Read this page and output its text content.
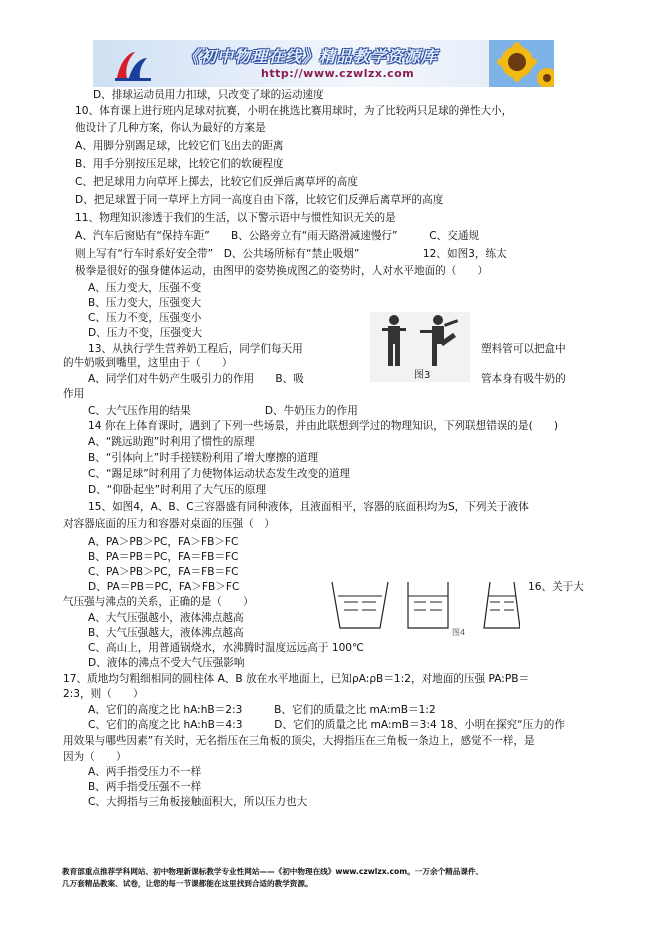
《初中物理在线》精品教学资源库
http://www.czwlzx.com
D、排球运动员用力扣球，只改变了球的运动速度
10、体育课上进行班内足球对抗赛，小明在挑选比赛用球时，为了比较两只足球的弹性大小，
他设计了几种方案，你认为最好的方案是
A、用脚分别踢足球，比较它们飞出去的距离
B、用手分别按压足球，比较它们的软硬程度
C、把足球用力向草坪上掷去，比较它们反弹后离草坪的高度
D、把足球置于同一草坪上方同一高度自由下落，比较它们反弹后离草坪的高度
11、物理知识渗透于我们的生活，以下警示语中与惯性知识无关的是
A、汽车后窗贴有“保持车距”　　B、公路旁立有“雨天路滑减速慢行”　　　C、交通规
则上写有“行车时系好安全带”　D、公共场所标有“禁止吸烟”　　　　　　12、如图3，练太
极拳是很好的强身健体运动，由图甲的姿势换成图乙的姿势时，人对水平地面的（　　）
A、压力变大，压强不变
B、压力变大，压强变大
C、压力不变，压强变小
D、压力不变，压强变大
13、从执行学生营养奶工程后，同学们每天用	塑料管可以把盒中
的牛奶吸到嘴里，这里由于（　　）
A、同学们对牛奶产生吸引力的作用　　B、吸	管本身有吸牛奶的
作用
C、大气压作用的结果　　　　　　　D、牛奶压力的作用
14 你在上体育课时，遇到了下列一些场景，并由此联想到学过的物理知识，下列联想错误的是(　　)
A、“跳远助跑”时利用了惯性的原理
B、“引体向上”时手搓镁粉利用了增大摩擦的道理
C、“踢足球”时利用了力使物体运动状态发生改变的道理
D、“仰卧起坐”时利用了大气压的原理
15、如图4，A、B、C三容器盛有同种液体，且液面相平，容器的底面积均为S，下列关于液体
对容器底面的压力和容器对桌面的压强（　）
A、PA＞PB＞PC，FA＞FB＞FC
B、PA＝PB＝PC，FA＝FB＝FC
C、PA＞PB＞PC，FA＝FB＝FC
D、PA＝PB＝PC，FA＞FB＞FC	16、关于大
气压强与沸点的关系，正确的是（　　）
A、大气压强越小，液体沸点越高
B、大气压强越大，液体沸点越高
C、高山上，用普通锅烧水，水沸腾时温度远远高于 100℃
D、液体的沸点不受大气压强影响
17、质地均匀粗细相同的圆柱体 A、B 放在水平地面上，已知ρA:ρB＝1:2，对地面的压强 PA:PB＝
2:3，则（　　）
A、它们的高度之比 hA:hB＝2:3　　　B、它们的质量之比 mA:mB＝1:2
C、它们的高度之比 hA:hB＝4:3　　　D、它们的质量之比 mA:mB＝3:4 18、小明在探究“压力的作
用效果与哪些因素”有关时，无名指压在三角板的顶尖，大拇指压在三角板一条边上，感觉不一样，是
因为（　　）
A、两手指受压力不一样
B、两手指受压强不一样
C、大拇指与三角板接触面积大，所以压力也大
图3
图4
教育部重点推荐学科网站、初中物理新课标教学专业性网站——《初中物理在线》www.czwlzx.com。一万余个精品课件、
几万套精品教案、试卷，让您的每一节课都能在这里找到合适的教学资源。
